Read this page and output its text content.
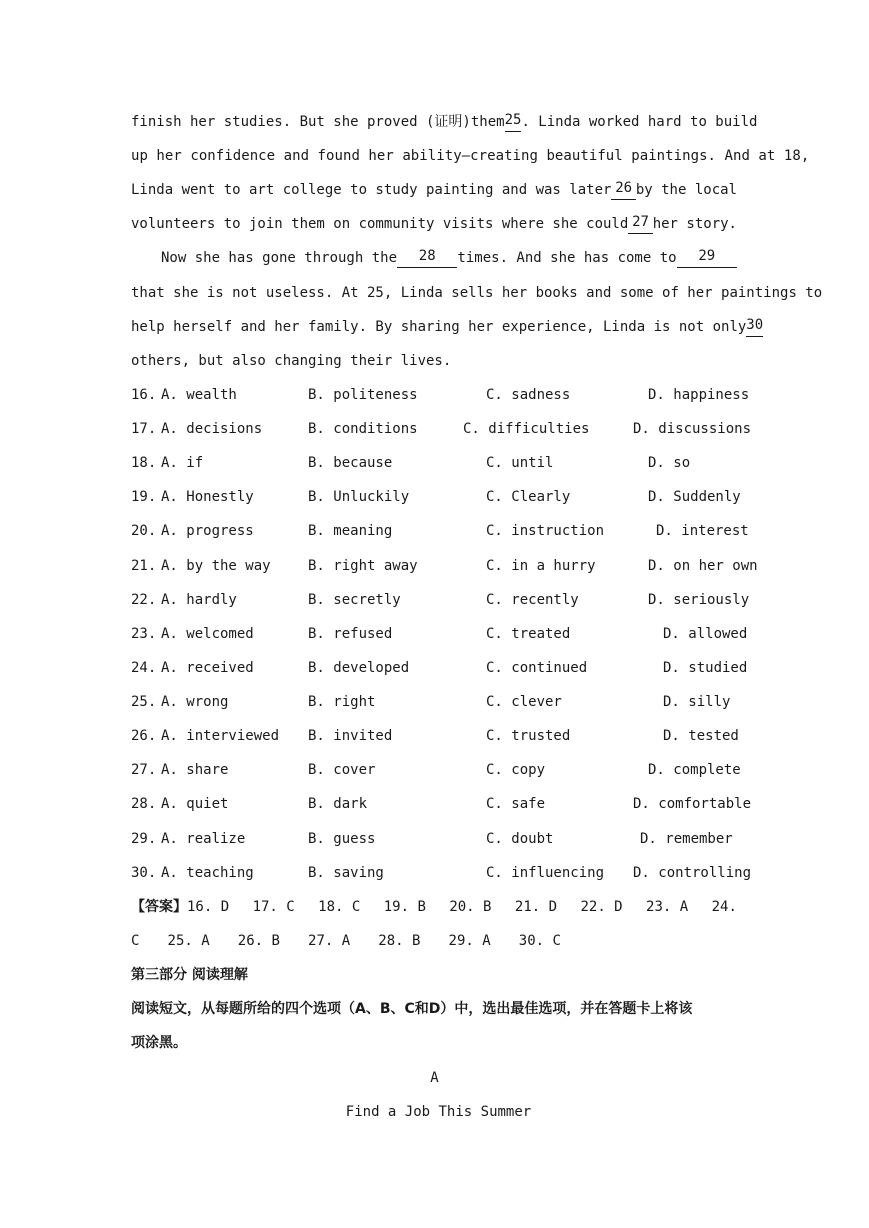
finish her studies. But she proved (证明)them 25 . Linda worked hard to build
up her confidence and found her ability—creating beautiful paintings. And at 18,
Linda went to art college to study painting and was later 26 by the local
volunteers to join them on community visits where she could 27 her story.
Now she has gone through the	28	times. And she has come to	29
that she is not useless. At 25, Linda sells her books and some of her paintings to
help herself and her family. By sharing her experience, Linda is not only 30
others, but also changing their lives.
16. A. wealth	B. politeness	C. sadness	D. happiness
17. A. decisions	B. conditions	C. difficulties	D. discussions
18. A. if	B. because	C. until	D. so
19. A. Honestly	B. Unluckily	C. Clearly	D. Suddenly
20. A. progress	B. meaning	C. instruction	D. interest
21. A. by the way	B. right away	C. in a hurry	D. on her own
22. A. hardly	B. secretly	C. recently	D. seriously
23. A. welcomed	B. refused	C. treated	D. allowed
24. A. received	B. developed	C. continued	D. studied
25. A. wrong	B. right	C. clever	D. silly
26. A. interviewed B. invited	C. trusted	D. tested
27. A. share	B. cover	C. copy	D. complete
28. A. quiet	B. dark	C. safe	D. comfortable
29. A. realize	B. guess	C. doubt	D. remember
30. A. teaching	B. saving	C. influencing D. controlling
【答案】16. D 17. C 18. C 19. B 20. B 21. D 22. D 23. A 24.
C 25. A 26. B 27. A 28. B 29. A 30. C
第三部分 阅读理解
阅读短文，从每题所给的四个选项（A、B、C和D）中，选出最佳选项，并在答题卡上将该
项涂黑。
A
Find a Job This Summer
